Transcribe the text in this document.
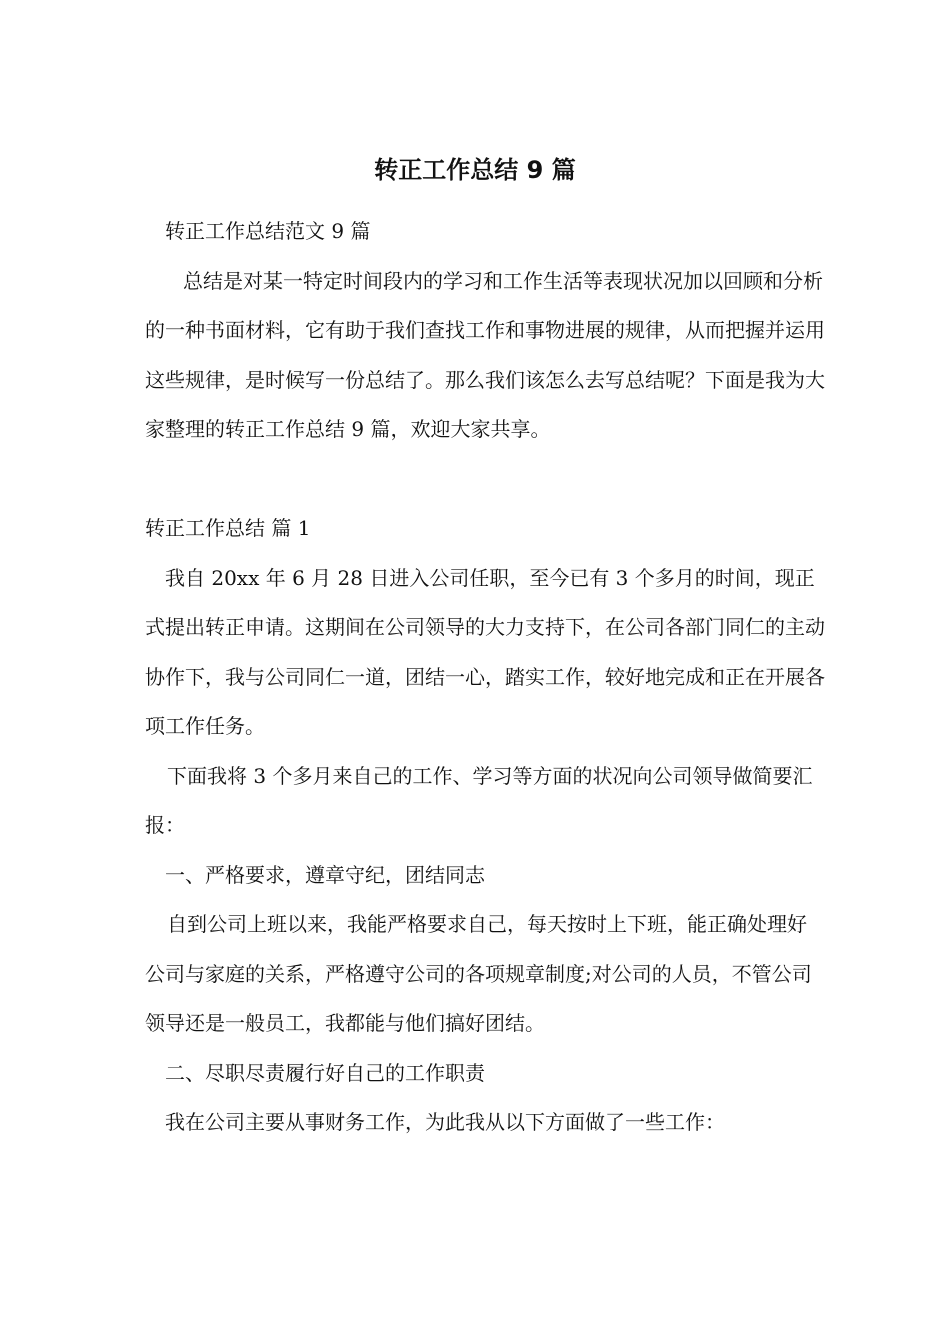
转正工作总结 9 篇

转正工作总结范文 9 篇

总结是对某一特定时间段内的学习和工作生活等表现状况加以回顾和分析的一种书面材料，它有助于我们查找工作和事物进展的规律，从而把握并运用这些规律，是时候写一份总结了。那么我们该怎么去写总结呢？下面是我为大家整理的转正工作总结 9 篇，欢迎大家共享。

转正工作总结 篇 1

我自 20xx 年 6 月 28 日进入公司任职，至今已有 3 个多月的时间，现正式提出转正申请。这期间在公司领导的大力支持下，在公司各部门同仁的主动协作下，我与公司同仁一道，团结一心，踏实工作，较好地完成和正在开展各项工作任务。

下面我将 3 个多月来自己的工作、学习等方面的状况向公司领导做简要汇报：

一、严格要求，遵章守纪，团结同志

自到公司上班以来，我能严格要求自己，每天按时上下班，能正确处理好公司与家庭的关系，严格遵守公司的各项规章制度;对公司的人员，不管公司领导还是一般员工，我都能与他们搞好团结。

二、尽职尽责履行好自己的工作职责

我在公司主要从事财务工作，为此我从以下方面做了一些工作：
